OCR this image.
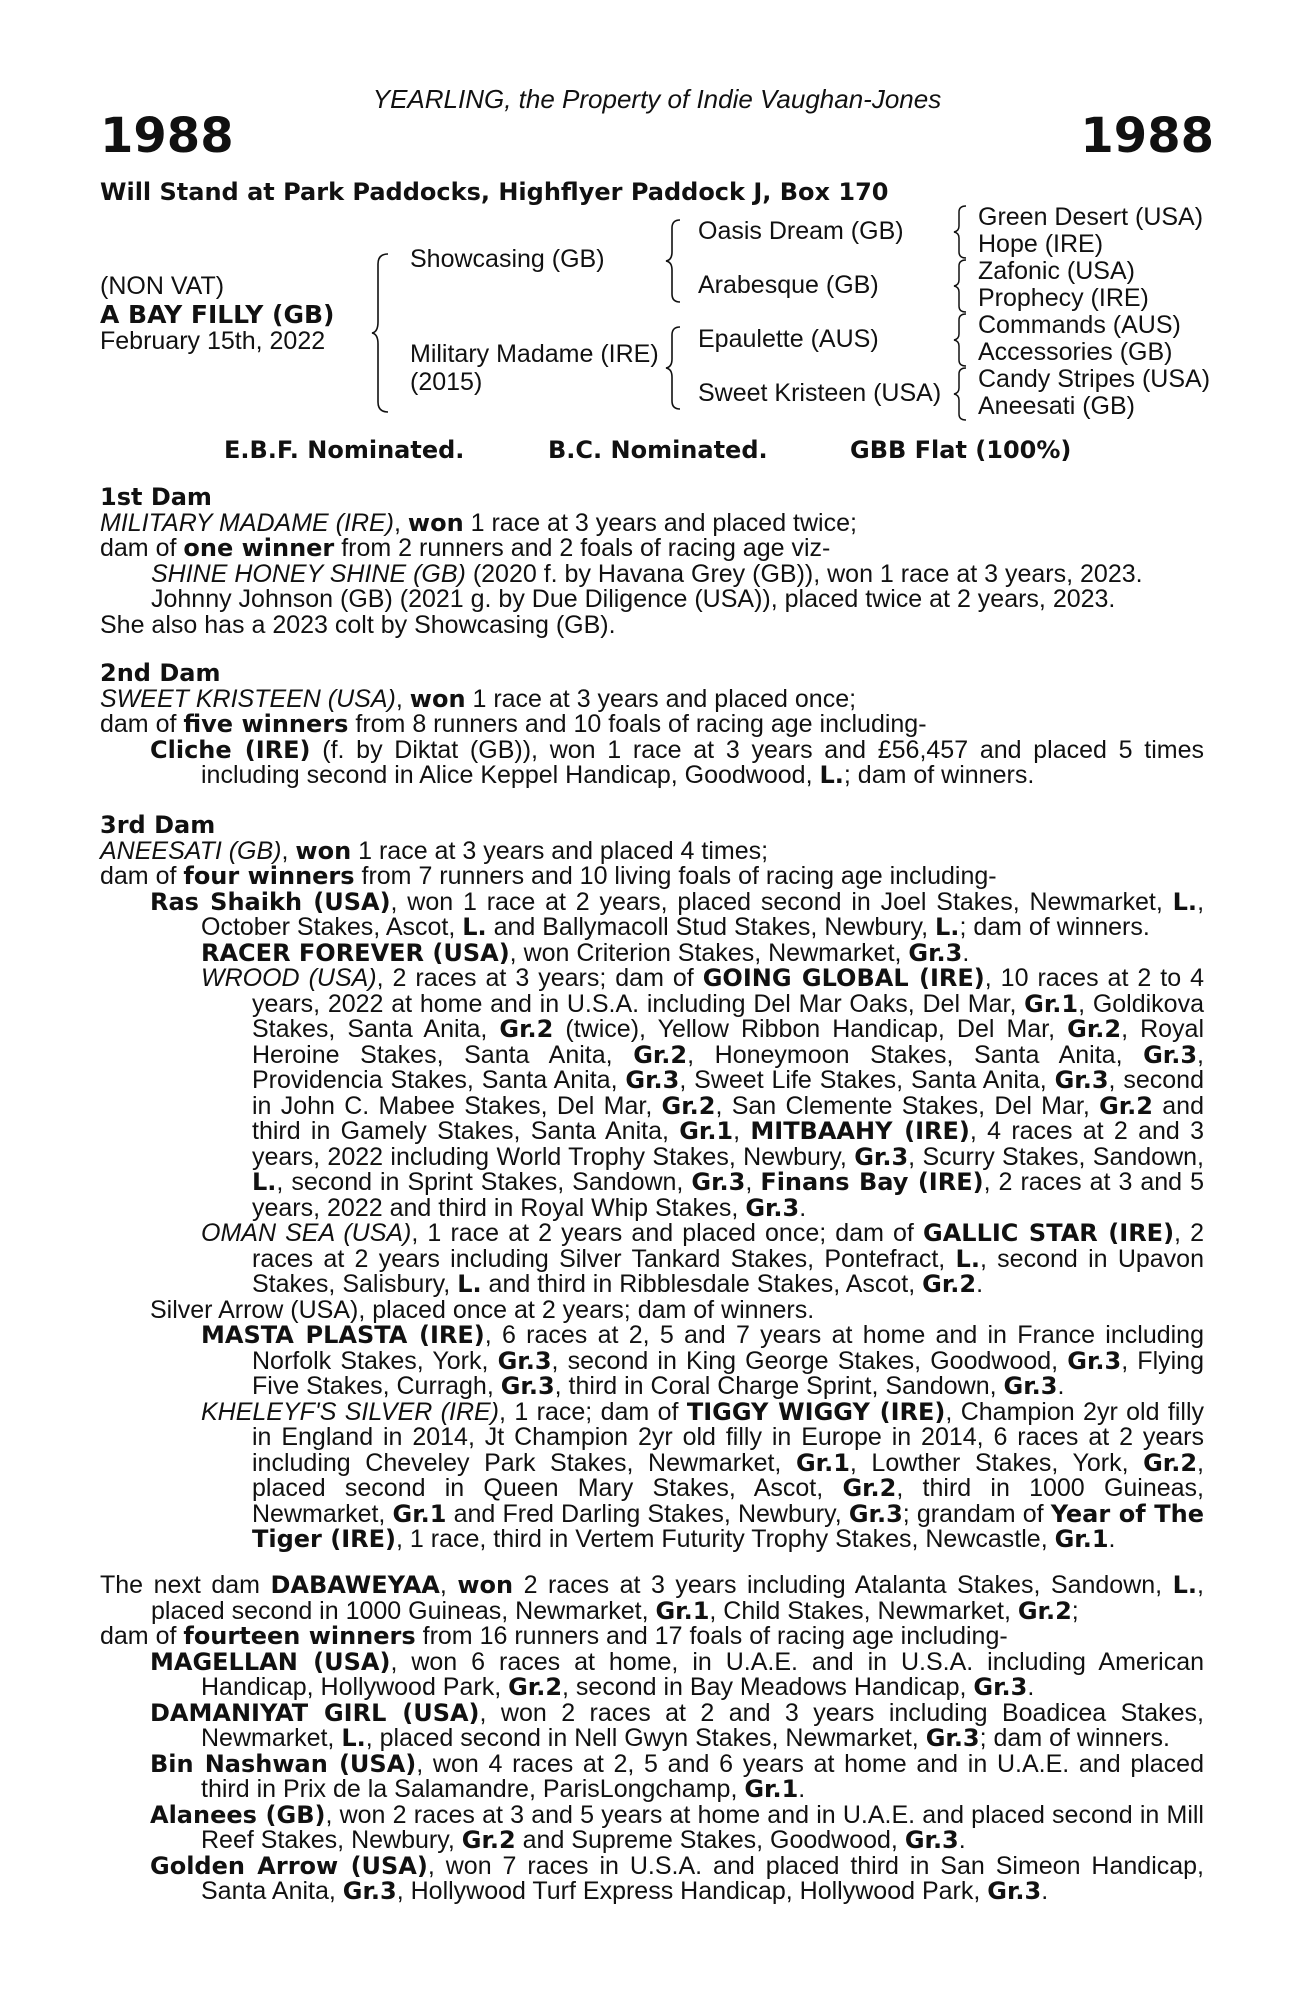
YEARLING, the Property of Indie Vaughan-Jones
1988	1988
Will Stand at Park Paddocks, Highflyer Paddock J, Box 170
(NON VAT)
A BAY FILLY (GB)
February 15th, 2022
Showcasing (GB)
Military Madame (IRE)
(2015)
Oasis Dream (GB)
Arabesque (GB)
Epaulette (AUS)
Sweet Kristeen (USA)
Green Desert (USA)
Hope (IRE)
Zafonic (USA)
Prophecy (IRE)
Commands (AUS)
Accessories (GB)
Candy Stripes (USA)
Aneesati (GB)
E.B.F. Nominated.	B.C. Nominated.	GBB Flat (100%)

1st Dam

MILITARY MADAME (IRE), won 1 race at 3 years and placed twice;

dam of one winner from 2 runners and 2 foals of racing age viz-

SHINE HONEY SHINE (GB) (2020 f. by Havana Grey (GB)), won 1 race at 3 years, 2023.

Johnny Johnson (GB) (2021 g. by Due Diligence (USA)), placed twice at 2 years, 2023.

She also has a 2023 colt by Showcasing (GB).

2nd Dam

SWEET KRISTEEN (USA), won 1 race at 3 years and placed once;

dam of five winners from 8 runners and 10 foals of racing age including-

Cliche (IRE) (f. by Diktat (GB)), won 1 race at 3 years and £56,457 and placed 5 times including second in Alice Keppel Handicap, Goodwood, L.; dam of winners.

3rd Dam

ANEESATI (GB), won 1 race at 3 years and placed 4 times;

dam of four winners from 7 runners and 10 living foals of racing age including-

Ras Shaikh (USA), won 1 race at 2 years, placed second in Joel Stakes, Newmarket, L., October Stakes, Ascot, L. and Ballymacoll Stud Stakes, Newbury, L.; dam of winners.

RACER FOREVER (USA), won Criterion Stakes, Newmarket, Gr.3.

WROOD (USA), 2 races at 3 years; dam of GOING GLOBAL (IRE), 10 races at 2 to 4 years, 2022 at home and in U.S.A. including Del Mar Oaks, Del Mar, Gr.1, Goldikova Stakes, Santa Anita, Gr.2 (twice), Yellow Ribbon Handicap, Del Mar, Gr.2, Royal Heroine Stakes, Santa Anita, Gr.2, Honeymoon Stakes, Santa Anita, Gr.3, Providencia Stakes, Santa Anita, Gr.3, Sweet Life Stakes, Santa Anita, Gr.3, second in John C. Mabee Stakes, Del Mar, Gr.2, San Clemente Stakes, Del Mar, Gr.2 and third in Gamely Stakes, Santa Anita, Gr.1, MITBAAHY (IRE), 4 races at 2 and 3 years, 2022 including World Trophy Stakes, Newbury, Gr.3, Scurry Stakes, Sandown, L., second in Sprint Stakes, Sandown, Gr.3, Finans Bay (IRE), 2 races at 3 and 5 years, 2022 and third in Royal Whip Stakes, Gr.3.

OMAN SEA (USA), 1 race at 2 years and placed once; dam of GALLIC STAR (IRE), 2 races at 2 years including Silver Tankard Stakes, Pontefract, L., second in Upavon Stakes, Salisbury, L. and third in Ribblesdale Stakes, Ascot, Gr.2.

Silver Arrow (USA), placed once at 2 years; dam of winners.

MASTA PLASTA (IRE), 6 races at 2, 5 and 7 years at home and in France including Norfolk Stakes, York, Gr.3, second in King George Stakes, Goodwood, Gr.3, Flying Five Stakes, Curragh, Gr.3, third in Coral Charge Sprint, Sandown, Gr.3.

KHELEYF'S SILVER (IRE), 1 race; dam of TIGGY WIGGY (IRE), Champion 2yr old filly in England in 2014, Jt Champion 2yr old filly in Europe in 2014, 6 races at 2 years including Cheveley Park Stakes, Newmarket, Gr.1, Lowther Stakes, York, Gr.2, placed second in Queen Mary Stakes, Ascot, Gr.2, third in 1000 Guineas, Newmarket, Gr.1 and Fred Darling Stakes, Newbury, Gr.3; grandam of Year of The Tiger (IRE), 1 race, third in Vertem Futurity Trophy Stakes, Newcastle, Gr.1.

The next dam DABAWEYAA, won 2 races at 3 years including Atalanta Stakes, Sandown, L., placed second in 1000 Guineas, Newmarket, Gr.1, Child Stakes, Newmarket, Gr.2;

dam of fourteen winners from 16 runners and 17 foals of racing age including-

MAGELLAN (USA), won 6 races at home, in U.A.E. and in U.S.A. including American Handicap, Hollywood Park, Gr.2, second in Bay Meadows Handicap, Gr.3.

DAMANIYAT GIRL (USA), won 2 races at 2 and 3 years including Boadicea Stakes, Newmarket, L., placed second in Nell Gwyn Stakes, Newmarket, Gr.3; dam of winners.

Bin Nashwan (USA), won 4 races at 2, 5 and 6 years at home and in U.A.E. and placed third in Prix de la Salamandre, ParisLongchamp, Gr.1.

Alanees (GB), won 2 races at 3 and 5 years at home and in U.A.E. and placed second in Mill Reef Stakes, Newbury, Gr.2 and Supreme Stakes, Goodwood, Gr.3.

Golden Arrow (USA), won 7 races in U.S.A. and placed third in San Simeon Handicap, Santa Anita, Gr.3, Hollywood Turf Express Handicap, Hollywood Park, Gr.3.
